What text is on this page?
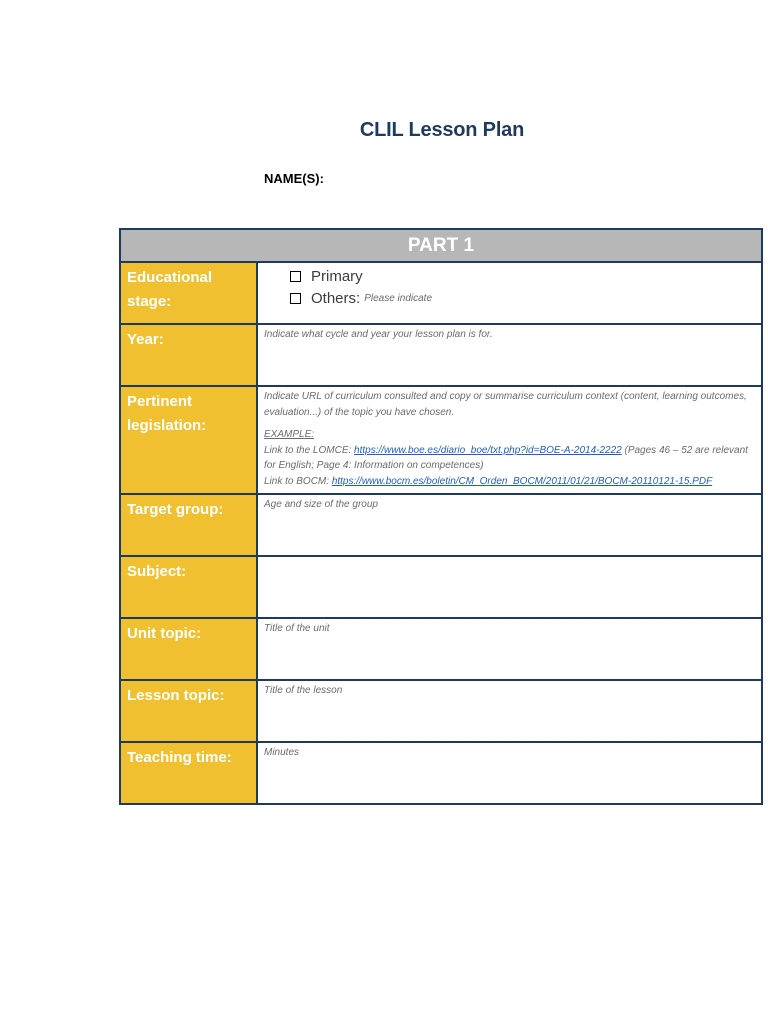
CLIL Lesson Plan
NAME(S):
PART 1	
Educational stage:	Primary
Others: Please indicate

Year:	Indicate what cycle and year your lesson plan is for.

Pertinent legislation:	Indicate URL of curriculum consulted and copy or summarise curriculum context (content, learning outcomes, evaluation...) of the topic you have chosen.
EXAMPLE:
Link to the LOMCE: https://www.boe.es/diario_boe/txt.php?id=BOE-A-2014-2222 (Pages 46 – 52 are relevant for English; Page 4: Information on competences)
Link to BOCM: https://www.bocm.es/boletin/CM_Orden_BOCM/2011/01/21/BOCM-20110121-15.PDF

Target group:	Age and size of the group

Subject:	

Unit topic:	Title of the unit

Lesson topic:	Title of the lesson

Teaching time:	Minutes
